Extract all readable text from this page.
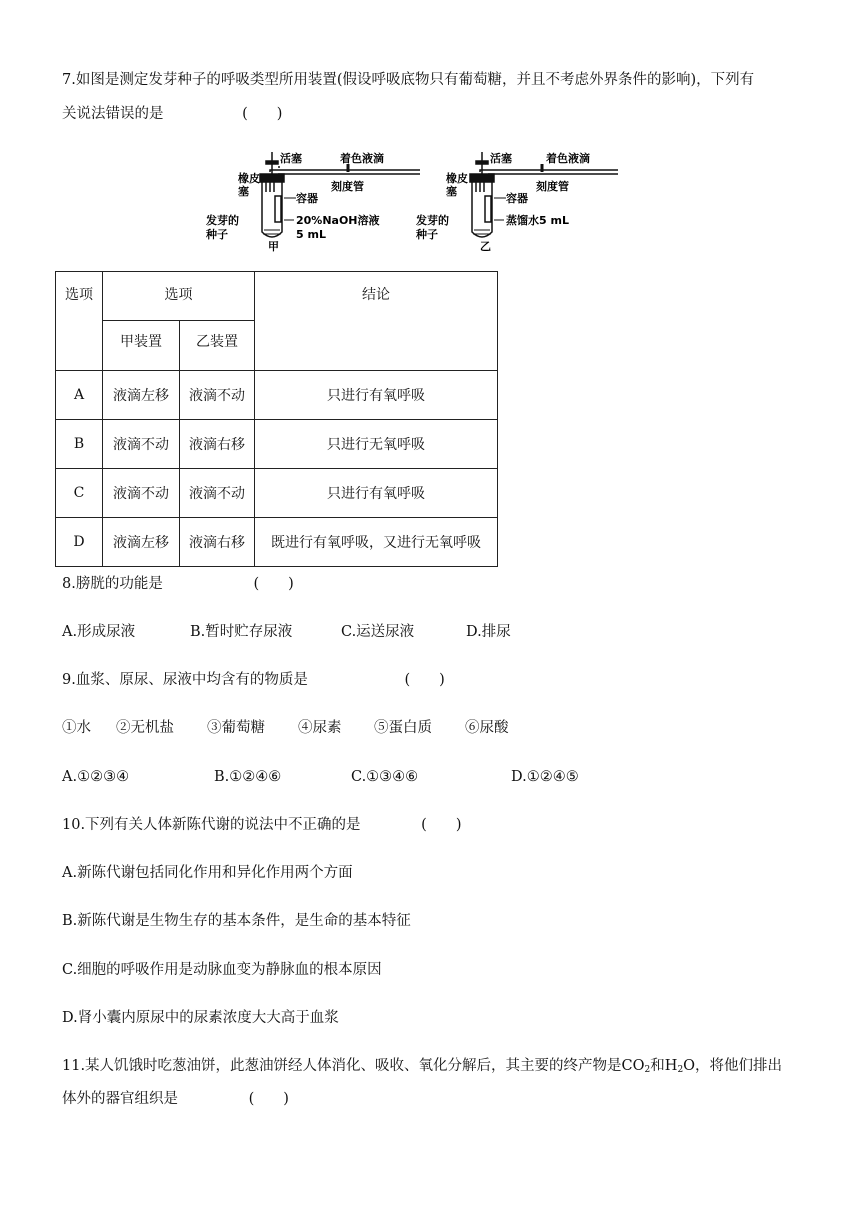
7.如图是测定发芽种子的呼吸类型所用装置(假设呼吸底物只有葡萄糖，并且不考虑外界条件的影响)，下列有
关说法错误的是	(　　)
活塞	着色液滴
橡皮
塞	刻度管
容器
发芽的
种子
20%NaOH溶液
5 mL
甲
活塞	着色液滴
橡皮
塞	刻度管
容器
发芽的
种子
蒸馏水5 mL
乙
选项	选项		结论
	甲装置	乙装置	
A	液滴左移	液滴不动	只进行有氧呼吸
B	液滴不动	液滴右移	只进行无氧呼吸
C	液滴不动	液滴不动	只进行有氧呼吸
D	液滴左移	液滴右移	既进行有氧呼吸，又进行无氧呼吸
8.膀胱的功能是	(　　)
A.形成尿液	B.暂时贮存尿液	C.运送尿液	D.排尿
9.血浆、原尿、尿液中均含有的物质是	(　　)
①水 ②无机盐 ③葡萄糖 ④尿素 ⑤蛋白质 ⑥尿酸
A.①②③④	B.①②④⑥	C.①③④⑥	D.①②④⑤
10.下列有关人体新陈代谢的说法中不正确的是	(　　)
A.新陈代谢包括同化作用和异化作用两个方面
B.新陈代谢是生物生存的基本条件，是生命的基本特征
C.细胞的呼吸作用是动脉血变为静脉血的根本原因
D.肾小囊内原尿中的尿素浓度大大高于血浆
11.某人饥饿时吃葱油饼，此葱油饼经人体消化、吸收、氧化分解后，其主要的终产物是$CO_2$和$H_2O$，将他们排出
体外的器官组织是	(　　)
